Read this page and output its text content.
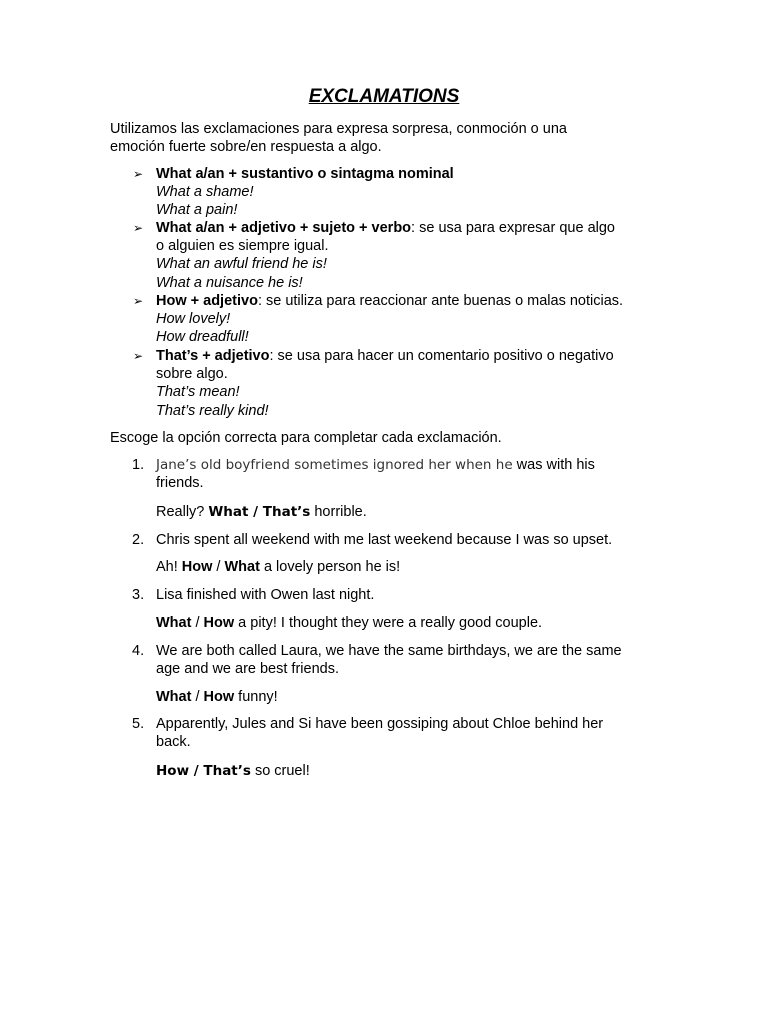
EXCLAMATIONS
Utilizamos las exclamaciones para expresa sorpresa, conmoción o una
emoción fuerte sobre/en respuesta a algo.
➢ What a/an + sustantivo o sintagma nominal
What a shame!
What a pain!
➢ What a/an + adjetivo + sujeto + verbo: se usa para expresar que algo
o alguien es siempre igual.
What an awful friend he is!
What a nuisance he is!
➢ How + adjetivo: se utiliza para reaccionar ante buenas o malas noticias.
How lovely!
How dreadfull!
➢ That’s + adjetivo: se usa para hacer un comentario positivo o negativo
sobre algo.
That’s mean!
That’s really kind!
Escoge la opción correcta para completar cada exclamación.
1. Jane’s old boyfriend sometimes ignored her when he was with his
friends.
Really? What / That’s horrible.
2. Chris spent all weekend with me last weekend because I was so upset.
Ah! How / What a lovely person he is!
3. Lisa finished with Owen last night.
What / How a pity! I thought they were a really good couple.
4. We are both called Laura, we have the same birthdays, we are the same
age and we are best friends.
What / How funny!
5. Apparently, Jules and Si have been gossiping about Chloe behind her
back.
How / That’s so cruel!
